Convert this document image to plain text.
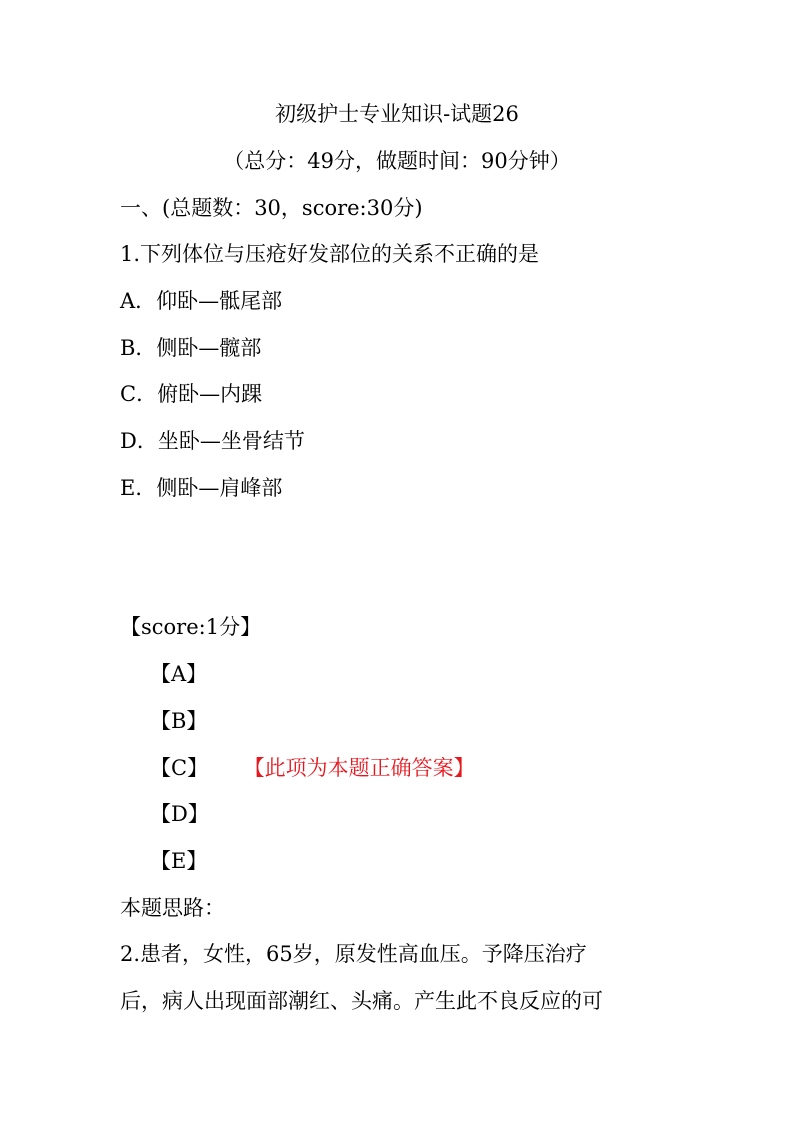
初级护士专业知识-试题26
（总分：49分，做题时间：90分钟）
一、(总题数：30，score:30分)
1.下列体位与压疮好发部位的关系不正确的是
A．仰卧—骶尾部
B．侧卧—髋部
C．俯卧—内踝
D．坐卧—坐骨结节
E．侧卧—肩峰部
【score:1分】
【A】
【B】
【C】 【此项为本题正确答案】
【D】
【E】
本题思路：
2.患者，女性，65岁，原发性高血压。予降压治疗
后，病人出现面部潮红、头痛。产生此不良反应的可
